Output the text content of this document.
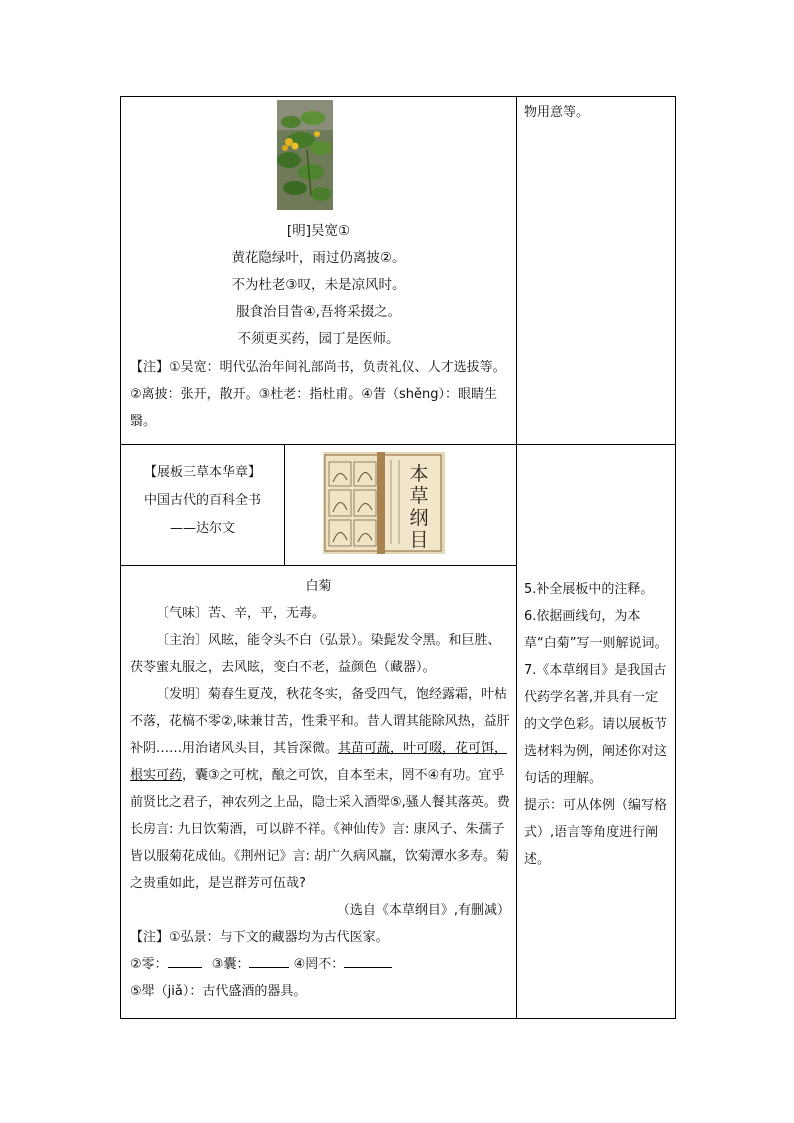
[明]吴宽①
黄花隐绿叶，雨过仍离披②。
不为杜老③叹，未是凉风时。
服食治目眚④,吾将采掇之。
不须更买药，园丁是医师。
【注】①吴宽：明代弘治年间礼部尚书，负责礼仪、人才选拔等。②离披：张开，散开。③杜老：指杜甫。④眚（shěng）：眼睛生翳。
物用意等。
【展板三草本华章】
中国古代的百科全书
——达尔文
本
草
纲
目
白菊

〔气味〕苦、辛，平，无毒。

〔主治〕风眩，能令头不白（弘景）。染髭发令黑。和巨胜、茯苓蜜丸服之，去风眩，变白不老，益颜色（藏器）。

〔发明〕菊春生夏茂，秋花冬实，备受四气，饱经露霜，叶枯不落，花槁不零②,味兼甘苦，性秉平和。昔人谓其能除风热，益肝补阴……用治诸风头目，其旨深微。其苗可蔬，叶可啜，花可饵，根实可药，囊③之可枕，酿之可饮，自本至末，罔不④有功。宜乎前贤比之君子，神农列之上品，隐士采入酒斝⑤,骚人餐其落英。费长房言: 九日饮菊酒，可以辟不祥。《神仙传》言: 康风子、朱孺子皆以服菊花成仙。《荆州记》言: 胡广久病风羸，饮菊潭水多寿。菊之贵重如此，是岂群芳可伍哉?

（选自《本草纲目》,有删减）

【注】①弘景：与下文的藏器均为古代医家。

②零：	③囊：	④罔不：

⑤斝（jiǎ）：古代盛酒的器具。

5.补全展板中的注释。

6.依据画线句，为本草“白菊”写一则解说词。

7.《本草纲目》是我国古代药学名著,并具有一定的文学色彩。请以展板节选材料为例，阐述你对这句话的理解。

提示：可从体例（编写格式）,语言等角度进行阐述。
